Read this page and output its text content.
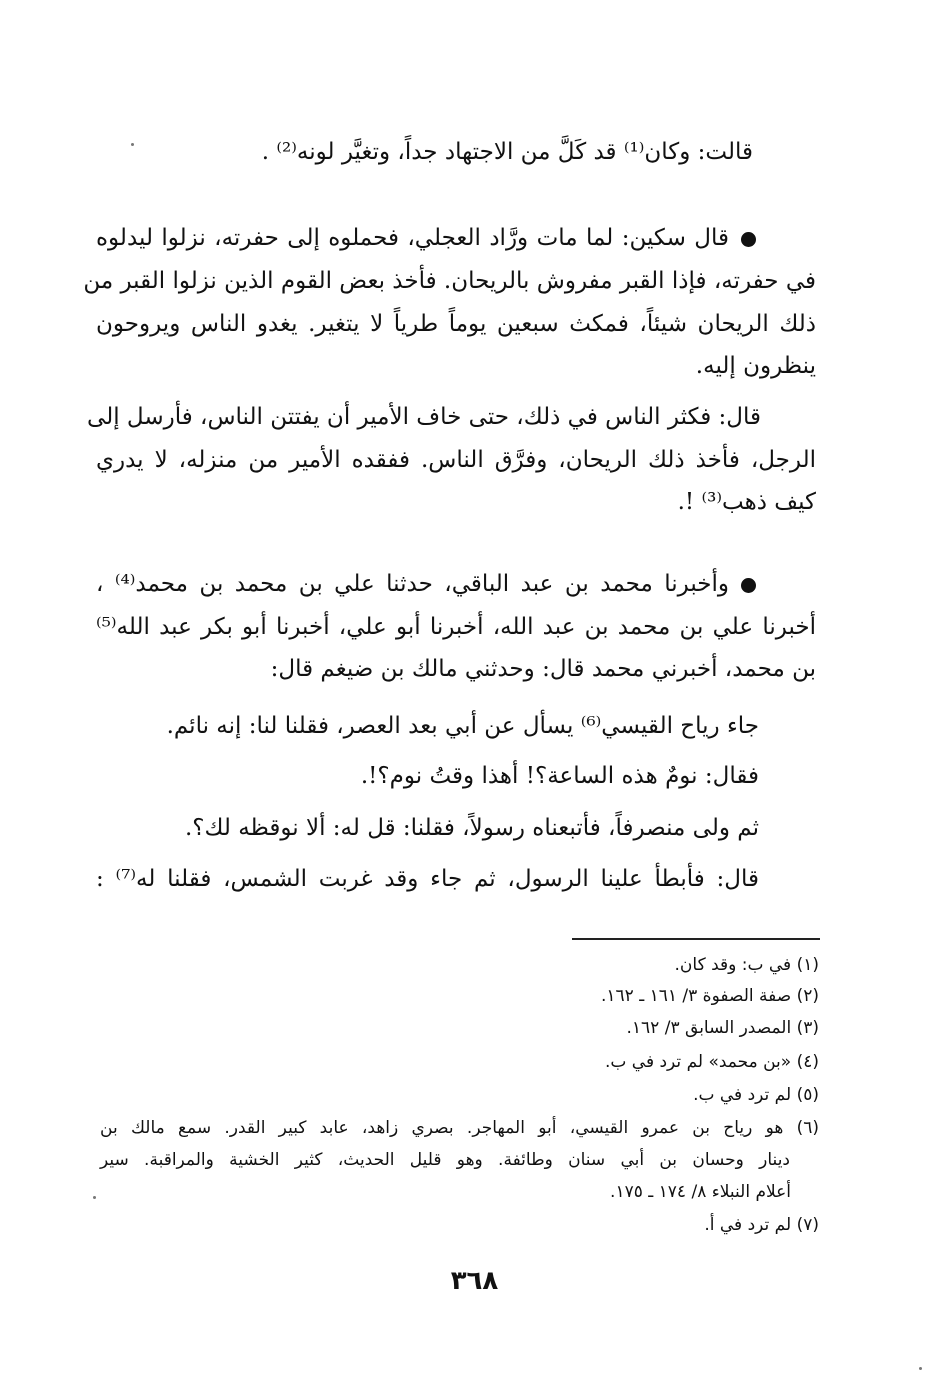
قالت: وكان⁽¹⁾ قد كَلَّ من الاجتهاد جداً، وتغيَّر لونه⁽²⁾ .
قال سكين: لما مات ورَّاد العجلي، فحملوه إلى حفرته، نزلوا ليدلوه
في حفرته، فإذا القبر مفروش بالريحان. فأخذ بعض القوم الذين نزلوا القبر من
ذلك الريحان شيئاً، فمكث سبعين يوماً طرياً لا يتغير. يغدو الناس ويروحون
ينظرون إليه.
قال: فكثر الناس في ذلك، حتى خاف الأمير أن يفتتن الناس، فأرسل إلى
الرجل، فأخذ ذلك الريحان، وفرَّق الناس. ففقده الأمير من منزله، لا يدري
كيف ذهب⁽³⁾ !.
وأخبرنا محمد بن عبد الباقي، حدثنا علي بن محمد بن محمد⁽⁴⁾ ،
أخبرنا علي بن محمد بن عبد الله، أخبرنا أبو علي، أخبرنا أبو بكر عبد الله⁽⁵⁾
بن محمد، أخبرني محمد قال: وحدثني مالك بن ضيغم قال:
جاء رياح القيسي⁽⁶⁾ يسأل عن أبي بعد العصر، فقلنا لنا: إنه نائم.
فقال: نومٌ هذه الساعة؟! أهذا وقتُ نوم؟!.
ثم ولى منصرفاً، فأتبعناه رسولاً، فقلنا: قل له: ألا نوقظه لك؟.
قال: فأبطأ علينا الرسول، ثم جاء وقد غربت الشمس، فقلنا له⁽⁷⁾ :
(١) في ب: وقد كان.
(٢) صفة الصفوة ٣/ ١٦١ ـ ١٦٢.
(٣) المصدر السابق ٣/ ١٦٢.
(٤) «بن محمد» لم ترد في ب.
(٥) لم ترد في ب.
(٦) هو رياح بن عمرو القيسي، أبو المهاجر. بصري زاهد، عابد كبير القدر. سمع مالك بن
دينار وحسان بن أبي سنان وطائفة. وهو قليل الحديث، كثير الخشية والمراقبة. سير
أعلام النبلاء ٨/ ١٧٤ ـ ١٧٥.
(٧) لم ترد في أ.
٣٦٨
